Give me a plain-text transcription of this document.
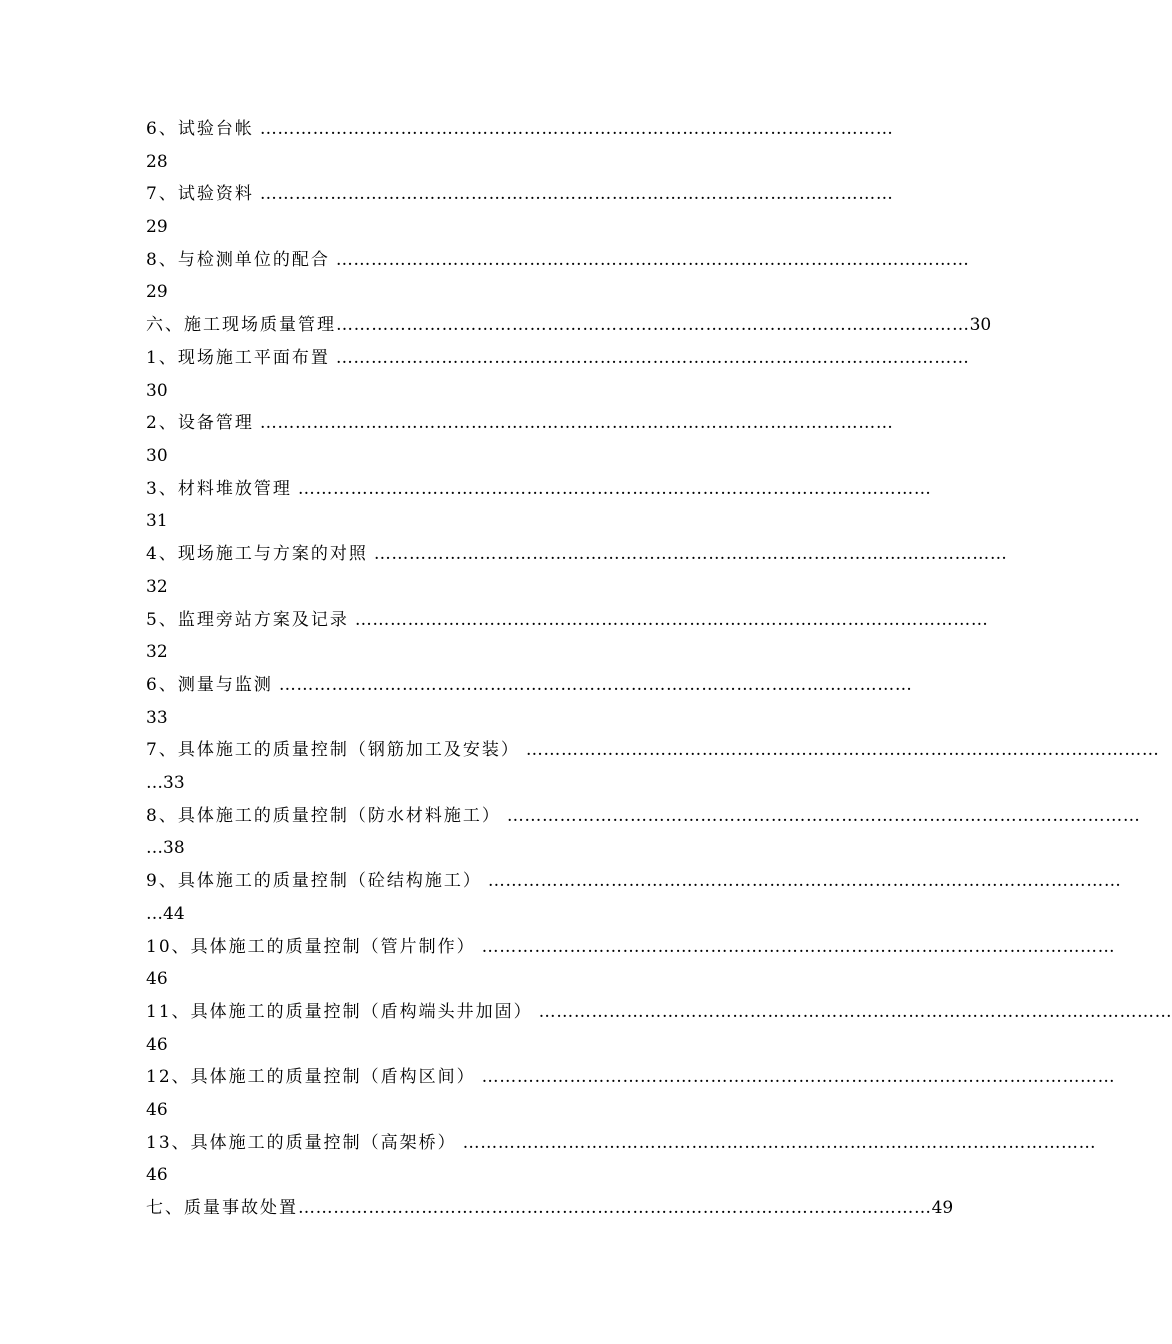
6、试验台帐 ………………………………………………………………………………………………
28
7、试验资料 ………………………………………………………………………………………………
29
8、与检测单位的配合 ………………………………………………………………………………………………
29
六、施工现场质量管理 ……………………………………………………………………………………………… 30
1、现场施工平面布置 ………………………………………………………………………………………………
30
2、设备管理 ………………………………………………………………………………………………
30
3、材料堆放管理 ………………………………………………………………………………………………
31
4、现场施工与方案的对照 ………………………………………………………………………………………………
32
5、监理旁站方案及记录 ………………………………………………………………………………………………
32
6、测量与监测 ………………………………………………………………………………………………
33
7、具体施工的质量控制（钢筋加工及安装） ………………………………………………………………………………………………
…33
8、具体施工的质量控制（防水材料施工） ………………………………………………………………………………………………
…38
9、具体施工的质量控制（砼结构施工） ………………………………………………………………………………………………
…44
10、具体施工的质量控制（管片制作） ………………………………………………………………………………………………
46
11、具体施工的质量控制（盾构端头井加固） ………………………………………………………………………………………………
46
12、具体施工的质量控制（盾构区间） ………………………………………………………………………………………………
46
13、具体施工的质量控制（高架桥） ………………………………………………………………………………………………
46
七、质量事故处置 ……………………………………………………………………………………………… 49
